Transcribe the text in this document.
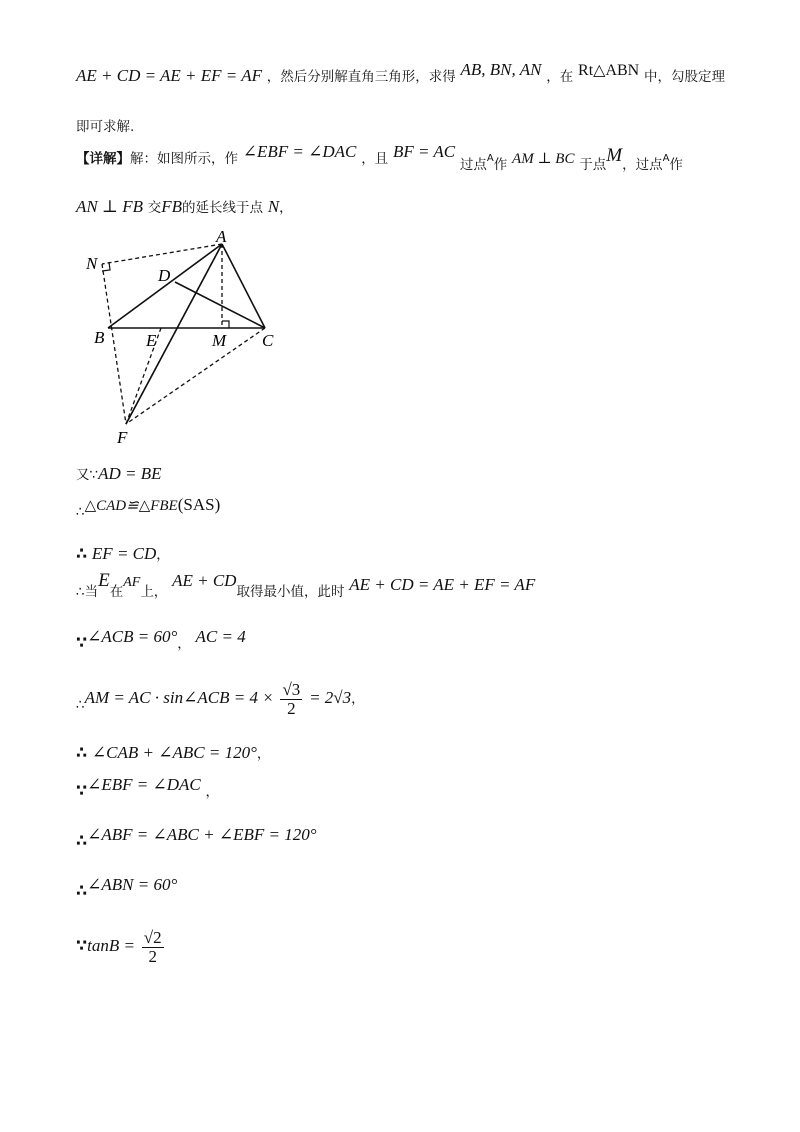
AE + CD = AE + EF = AF ，然后分别解直角三角形，求得 AB, BN, AN ，在 Rt△ABN 中，勾股定理
即可求解.
【详解】解：如图所示，作 ∠EBF = ∠DAC ，且 BF = AC 过点A作 AM ⊥ BC 于点M，过点A作
AN ⊥ FB 交FB的延长线于点 N，
A
N
D
B E	M C
F
又∵AD = BE
∴△CAD≌△FBE(SAS)
∴ EF = CD，
∴当E在AF上， AE + CD取得最小值，此时 AE + CD = AE + EF = AF
∵∠ACB = 60°， AC = 4
∴AM = AC · sin∠ACB = $4 \times \frac{√3}{2} = 2√3$，
∴ ∠CAB + ∠ABC = 120°，
∵∠EBF = ∠DAC ，
∴∠ABF = ∠ABC + ∠EBF = 120°
∴∠ABN = 60°
∵tanB = $\frac{√2}{2}$
